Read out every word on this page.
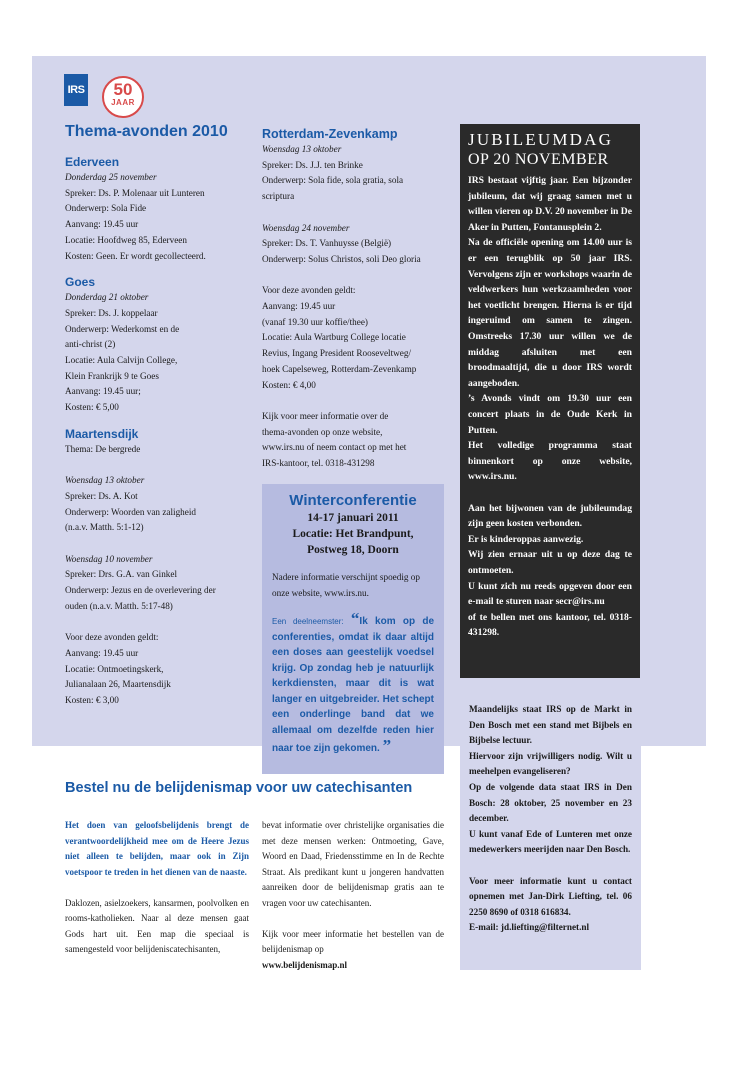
IRS	50
JAAR
Thema-avonden 2010
Ederveen
Donderdag 25 november
Spreker: Ds. P. Molenaar uit Lunteren
Onderwerp: Sola Fide
Aanvang: 19.45 uur
Locatie: Hoofdweg 85, Ederveen
Kosten: Geen. Er wordt gecollecteerd.
Goes
Donderdag 21 oktober
Spreker: Ds. J. koppelaar
Onderwerp: Wederkomst en de
anti-christ (2)
Locatie: Aula Calvijn College,
Klein Frankrijk 9 te Goes
Aanvang: 19.45 uur;
Kosten: € 5,00
Maartensdijk
Thema: De bergrede
Woensdag 13 oktober
Spreker: Ds. A. Kot
Onderwerp: Woorden van zaligheid
(n.a.v. Matth. 5:1-12)
Woensdag 10 november
Spreker: Drs. G.A. van Ginkel
Onderwerp: Jezus en de overlevering der
ouden (n.a.v. Matth. 5:17-48)
Voor deze avonden geldt:
Aanvang: 19.45 uur
Locatie: Ontmoetingskerk,
Julianalaan 26, Maartensdijk
Kosten: € 3,00
Rotterdam-Zevenkamp
Woensdag 13 oktober
Spreker: Ds. J.J. ten Brinke
Onderwerp: Sola fide, sola gratia, sola
scriptura
Woensdag 24 november
Spreker: Ds. T. Vanhuysse (België)
Onderwerp: Solus Christos, soli Deo gloria
Voor deze avonden geldt:
Aanvang: 19.45 uur
(vanaf 19.30 uur koffie/thee)
Locatie: Aula Wartburg College locatie
Revius, Ingang President Rooseveltweg/
hoek Capelseweg, Rotterdam-Zevenkamp
Kosten: € 4,00
Kijk voor meer informatie over de
thema-avonden op onze website,
www.irs.nu of neem contact op met het
IRS-kantoor, tel. 0318-431298
Winterconferentie
14-17 januari 2011
Locatie: Het Brandpunt,
Postweg 18, Doorn
Nadere informatie verschijnt spoedig op onze website, www.irs.nu.
Een deelneemster: “Ik kom op de conferenties, omdat ik daar altijd een doses aan geestelijk voedsel krijg. Op zondag heb je natuurlijk kerkdiensten, maar dit is wat langer en uitgebreider. Het schept een onderlinge band dat we allemaal om dezelfde reden hier naar toe zijn gekomen. ”
JUBILEUMDAG
OP 20 NOVEMBER
IRS bestaat vijftig jaar. Een bijzonder jubileum, dat wij graag samen met u willen vieren op D.V. 20 november in De Aker in Putten, Fontanusplein 2.
Na de officiële opening om 14.00 uur is er een terugblik op 50 jaar IRS. Vervolgens zijn er workshops waarin de veldwerkers hun werkzaamheden voor het voetlicht brengen. Hierna is er tijd ingeruimd om samen te zingen. Omstreeks 17.30 uur willen we de middag afsluiten met een broodmaaltijd, die u door IRS wordt aangeboden.
’s Avonds vindt om 19.30 uur een concert plaats in de Oude Kerk in Putten.
Het volledige programma staat binnenkort op onze website, www.irs.nu.
Aan het bijwonen van de jubileumdag zijn geen kosten verbonden.
Er is kinderoppas aanwezig.
Wij zien ernaar uit u op deze dag te ontmoeten.
U kunt zich nu reeds opgeven door een e-mail te sturen naar secr@irs.nu
of te bellen met ons kantoor, tel. 0318-431298.
Maandelijks staat IRS op de Markt in Den Bosch met een stand met Bijbels en Bijbelse lectuur.
Hiervoor zijn vrijwilligers nodig. Wilt u meehelpen evangeliseren?
Op de volgende data staat IRS in Den Bosch: 28 oktober, 25 november en 23 december.
U kunt vanaf Ede of Lunteren met onze medewerkers meerijden naar Den Bosch.
Voor meer informatie kunt u contact opnemen met Jan-Dirk Liefting, tel. 06 2250 8690 of 0318 616834.
E-mail: jd.liefting@filternet.nl
Bestel nu de belijdenismap voor uw catechisanten
Het doen van geloofsbelijdenis brengt de verantwoordelijkheid mee om de Heere Jezus niet alleen te belijden, maar ook in Zijn voetspoor te treden in het dienen van de naaste.
Daklozen, asielzoekers, kansarmen, poolvolken en rooms-katholieken. Naar al deze mensen gaat Gods hart uit. Een map die speciaal is samengesteld voor belijdeniscatechisanten,
bevat informatie over christelijke organisaties die met deze mensen werken: Ontmoeting, Gave, Woord en Daad, Friedensstimme en In de Rechte Straat. Als predikant kunt u jongeren handvatten aanreiken door de belijdenismap gratis aan te vragen voor uw catechisanten.
Kijk voor meer informatie het bestellen van de belijdenismap op
www.belijdenismap.nl
